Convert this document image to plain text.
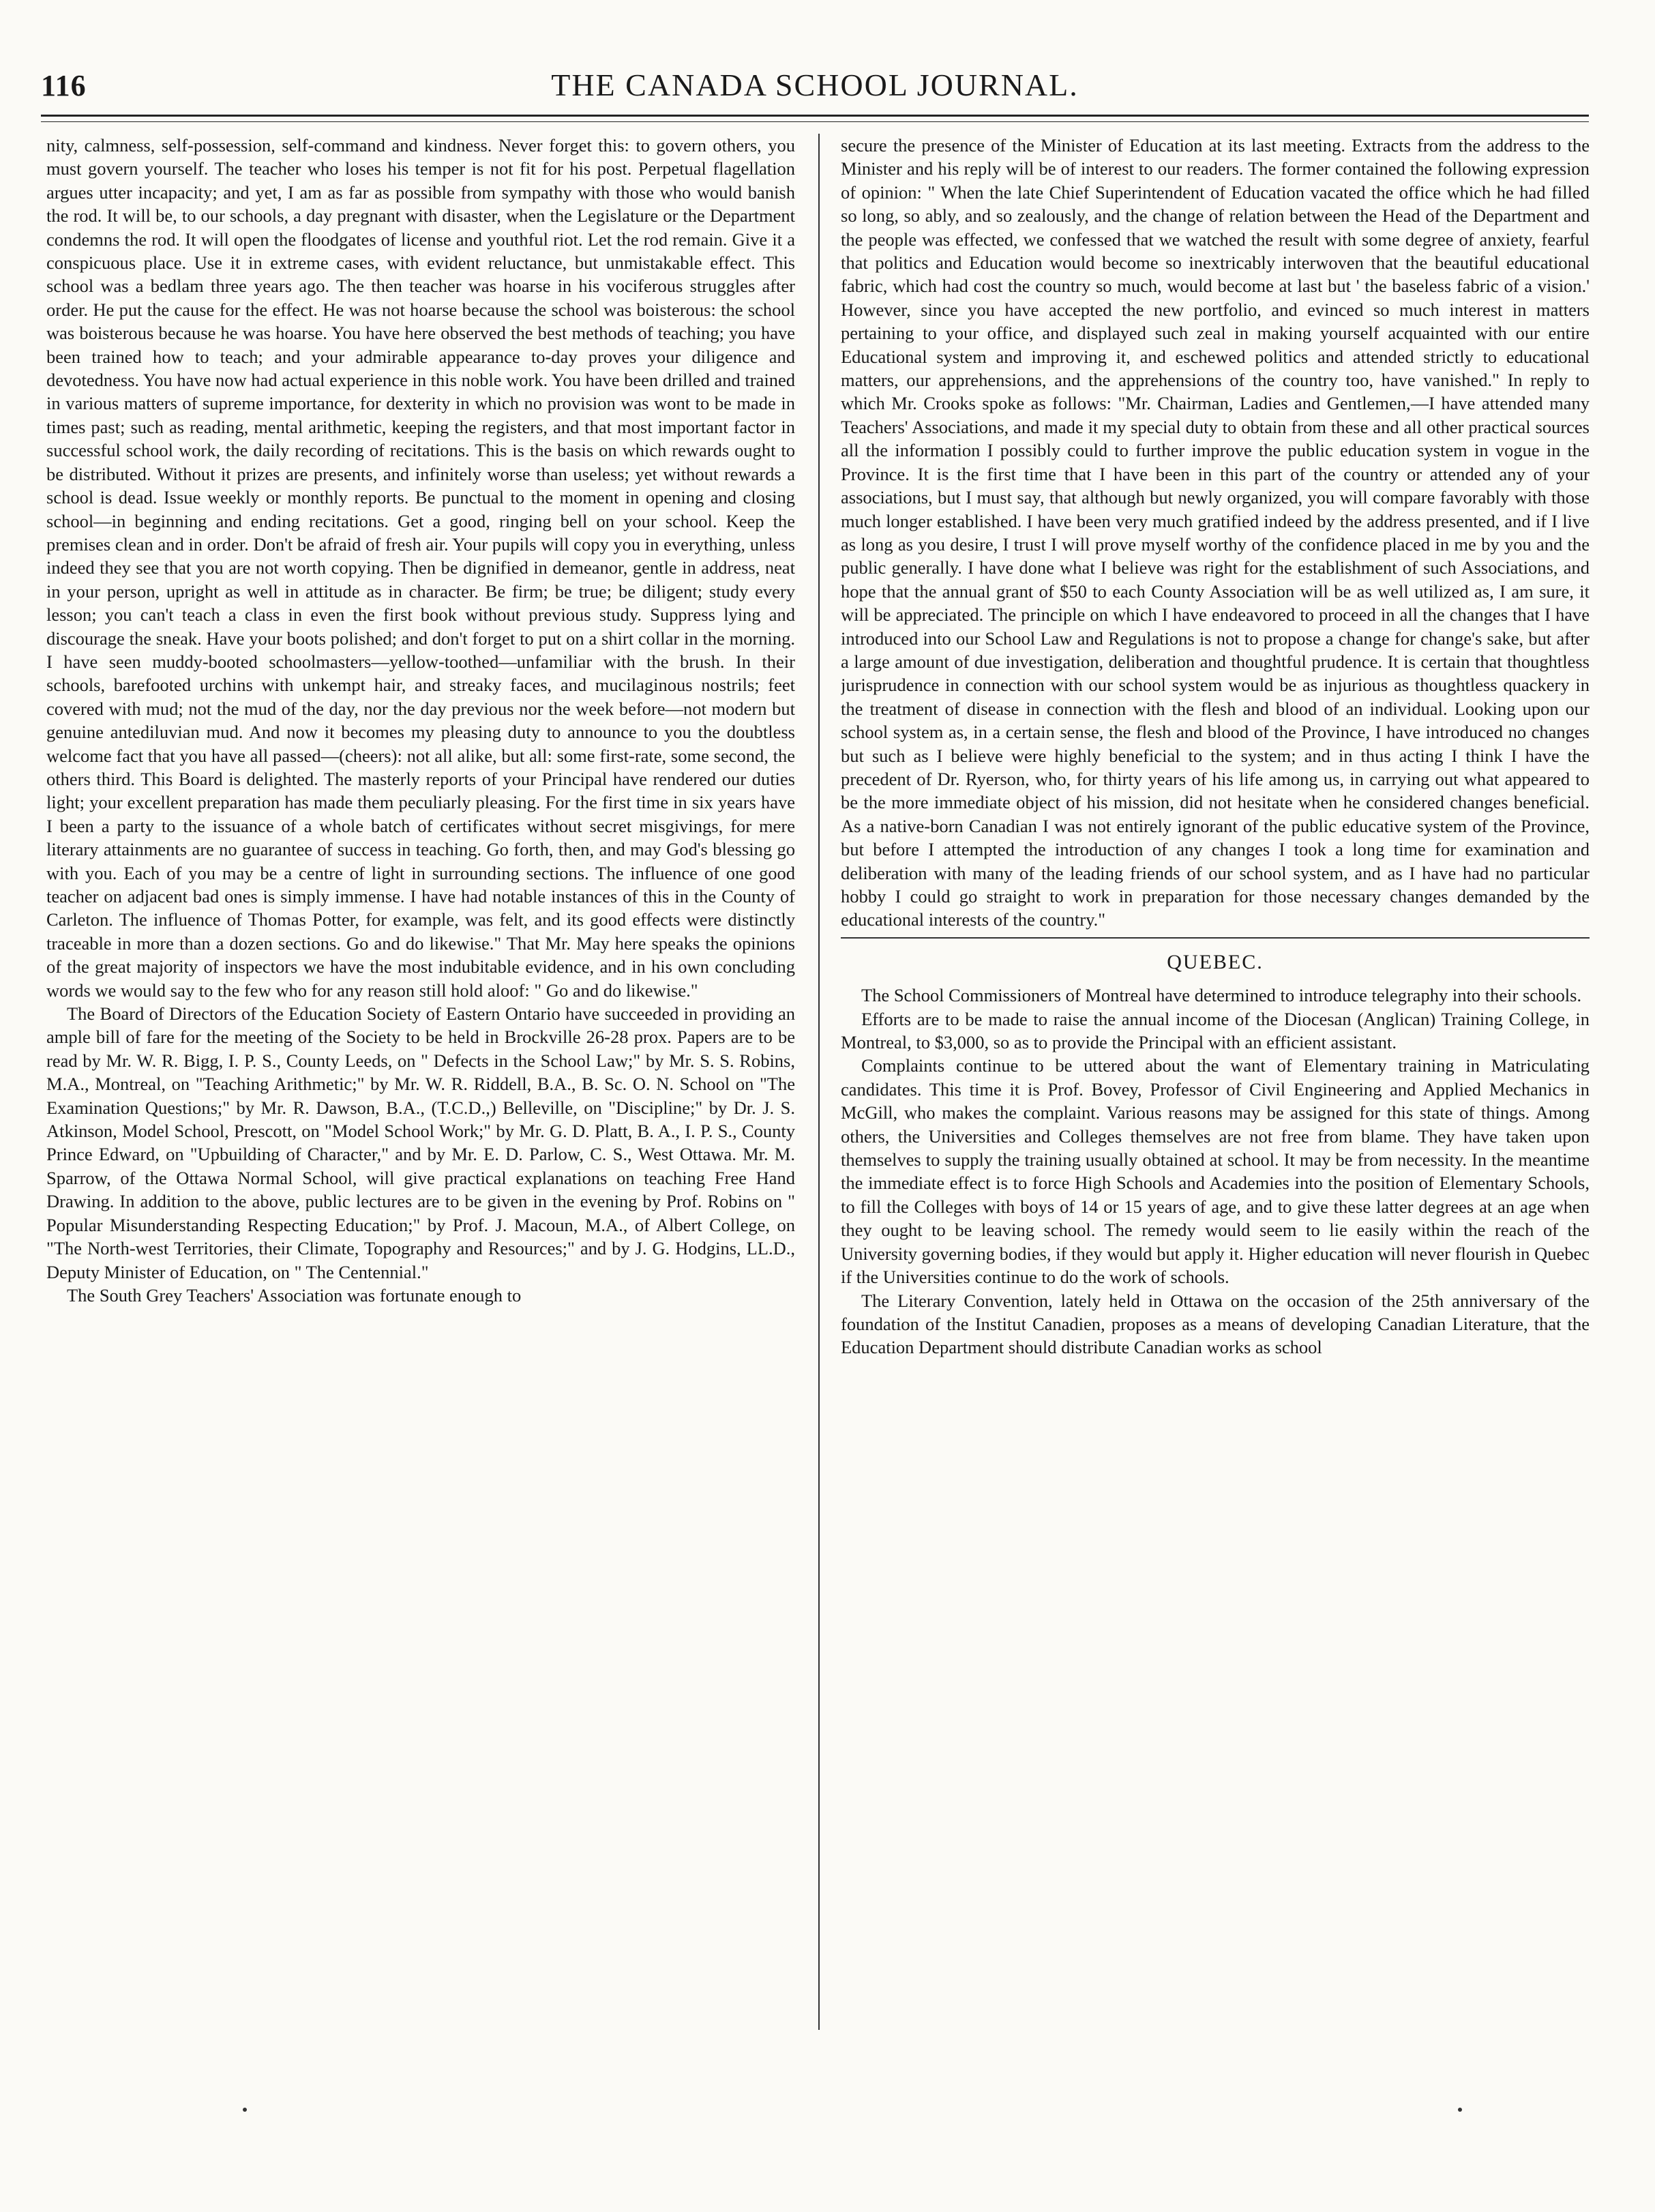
116	THE CANADA SCHOOL JOURNAL.

nity, calmness, self-possession, self-command and kindness. Never forget this: to govern others, you must govern yourself. The teacher who loses his temper is not fit for his post. Perpetual flagellation argues utter incapacity; and yet, I am as far as possible from sympathy with those who would banish the rod. It will be, to our schools, a day pregnant with disaster, when the Legislature or the Department condemns the rod. It will open the floodgates of license and youthful riot. Let the rod remain. Give it a conspicuous place. Use it in extreme cases, with evident reluctance, but unmistakable effect. This school was a bedlam three years ago. The then teacher was hoarse in his vociferous struggles after order. He put the cause for the effect. He was not hoarse because the school was boisterous: the school was boisterous because he was hoarse. You have here observed the best methods of teaching; you have been trained how to teach; and your admirable appearance to-day proves your diligence and devotedness. You have now had actual experience in this noble work. You have been drilled and trained in various matters of supreme importance, for dexterity in which no provision was wont to be made in times past; such as reading, mental arithmetic, keeping the registers, and that most important factor in successful school work, the daily recording of recitations. This is the basis on which rewards ought to be distributed. Without it prizes are presents, and infinitely worse than useless; yet without rewards a school is dead. Issue weekly or monthly reports. Be punctual to the moment in opening and closing school—in beginning and ending recitations. Get a good, ringing bell on your school. Keep the premises clean and in order. Don't be afraid of fresh air. Your pupils will copy you in everything, unless indeed they see that you are not worth copying. Then be dignified in demeanor, gentle in address, neat in your person, upright as well in attitude as in character. Be firm; be true; be diligent; study every lesson; you can't teach a class in even the first book without previous study. Suppress lying and discourage the sneak. Have your boots polished; and don't forget to put on a shirt collar in the morning. I have seen muddy-booted schoolmasters—yellow-toothed—unfamiliar with the brush. In their schools, barefooted urchins with unkempt hair, and streaky faces, and mucilaginous nostrils; feet covered with mud; not the mud of the day, nor the day previous nor the week before—not modern but genuine antediluvian mud. And now it becomes my pleasing duty to announce to you the doubtless welcome fact that you have all passed—(cheers): not all alike, but all: some first-rate, some second, the others third. This Board is delighted. The masterly reports of your Principal have rendered our duties light; your excellent preparation has made them peculiarly pleasing. For the first time in six years have I been a party to the issuance of a whole batch of certificates without secret misgivings, for mere literary attainments are no guarantee of success in teaching. Go forth, then, and may God's blessing go with you. Each of you may be a centre of light in surrounding sections. The influence of one good teacher on adjacent bad ones is simply immense. I have had notable instances of this in the County of Carleton. The influence of Thomas Potter, for example, was felt, and its good effects were distinctly traceable in more than a dozen sections. Go and do likewise." That Mr. May here speaks the opinions of the great majority of inspectors we have the most indubitable evidence, and in his own concluding words we would say to the few who for any reason still hold aloof: " Go and do likewise."

The Board of Directors of the Education Society of Eastern Ontario have succeeded in providing an ample bill of fare for the meeting of the Society to be held in Brockville 26-28 prox. Papers are to be read by Mr. W. R. Bigg, I. P. S., County Leeds, on " Defects in the School Law;" by Mr. S. S. Robins, M.A., Montreal, on "Teaching Arithmetic;" by Mr. W. R. Riddell, B.A., B. Sc. O. N. School on "The Examination Questions;" by Mr. R. Dawson, B.A., (T.C.D.,) Belleville, on "Discipline;" by Dr. J. S. Atkinson, Model School, Prescott, on "Model School Work;" by Mr. G. D. Platt, B. A., I. P. S., County Prince Edward, on "Upbuilding of Character," and by Mr. E. D. Parlow, C. S., West Ottawa. Mr. M. Sparrow, of the Ottawa Normal School, will give practical explanations on teaching Free Hand Drawing. In addition to the above, public lectures are to be given in the evening by Prof. Robins on " Popular Misunderstanding Respecting Education;" by Prof. J. Macoun, M.A., of Albert College, on "The North-west Territories, their Climate, Topography and Resources;" and by J. G. Hodgins, LL.D., Deputy Minister of Education, on " The Centennial."

The South Grey Teachers' Association was fortunate enough to

secure the presence of the Minister of Education at its last meeting. Extracts from the address to the Minister and his reply will be of interest to our readers. The former contained the following expression of opinion: " When the late Chief Superintendent of Education vacated the office which he had filled so long, so ably, and so zealously, and the change of relation between the Head of the Department and the people was effected, we confessed that we watched the result with some degree of anxiety, fearful that politics and Education would become so inextricably interwoven that the beautiful educational fabric, which had cost the country so much, would become at last but ' the baseless fabric of a vision.' However, since you have accepted the new portfolio, and evinced so much interest in matters pertaining to your office, and displayed such zeal in making yourself acquainted with our entire Educational system and improving it, and eschewed politics and attended strictly to educational matters, our apprehensions, and the apprehensions of the country too, have vanished." In reply to which Mr. Crooks spoke as follows: "Mr. Chairman, Ladies and Gentlemen,—I have attended many Teachers' Associations, and made it my special duty to obtain from these and all other practical sources all the information I possibly could to further improve the public education system in vogue in the Province. It is the first time that I have been in this part of the country or attended any of your associations, but I must say, that although but newly organized, you will compare favorably with those much longer established. I have been very much gratified indeed by the address presented, and if I live as long as you desire, I trust I will prove myself worthy of the confidence placed in me by you and the public generally. I have done what I believe was right for the establishment of such Associations, and hope that the annual grant of $50 to each County Association will be as well utilized as, I am sure, it will be appreciated. The principle on which I have endeavored to proceed in all the changes that I have introduced into our School Law and Regulations is not to propose a change for change's sake, but after a large amount of due investigation, deliberation and thoughtful prudence. It is certain that thoughtless jurisprudence in connection with our school system would be as injurious as thoughtless quackery in the treatment of disease in connection with the flesh and blood of an individual. Looking upon our school system as, in a certain sense, the flesh and blood of the Province, I have introduced no changes but such as I believe were highly beneficial to the system; and in thus acting I think I have the precedent of Dr. Ryerson, who, for thirty years of his life among us, in carrying out what appeared to be the more immediate object of his mission, did not hesitate when he considered changes beneficial. As a native-born Canadian I was not entirely ignorant of the public educative system of the Province, but before I attempted the introduction of any changes I took a long time for examination and deliberation with many of the leading friends of our school system, and as I have had no particular hobby I could go straight to work in preparation for those necessary changes demanded by the educational interests of the country."

QUEBEC.

The School Commissioners of Montreal have determined to introduce telegraphy into their schools.

Efforts are to be made to raise the annual income of the Diocesan (Anglican) Training College, in Montreal, to $3,000, so as to provide the Principal with an efficient assistant.

Complaints continue to be uttered about the want of Elementary training in Matriculating candidates. This time it is Prof. Bovey, Professor of Civil Engineering and Applied Mechanics in McGill, who makes the complaint. Various reasons may be assigned for this state of things. Among others, the Universities and Colleges themselves are not free from blame. They have taken upon themselves to supply the training usually obtained at school. It may be from necessity. In the meantime the immediate effect is to force High Schools and Academies into the position of Elementary Schools, to fill the Colleges with boys of 14 or 15 years of age, and to give these latter degrees at an age when they ought to be leaving school. The remedy would seem to lie easily within the reach of the University governing bodies, if they would but apply it. Higher education will never flourish in Quebec if the Universities continue to do the work of schools.

The Literary Convention, lately held in Ottawa on the occasion of the 25th anniversary of the foundation of the Institut Canadien, proposes as a means of developing Canadian Literature, that the Education Department should distribute Canadian works as school
